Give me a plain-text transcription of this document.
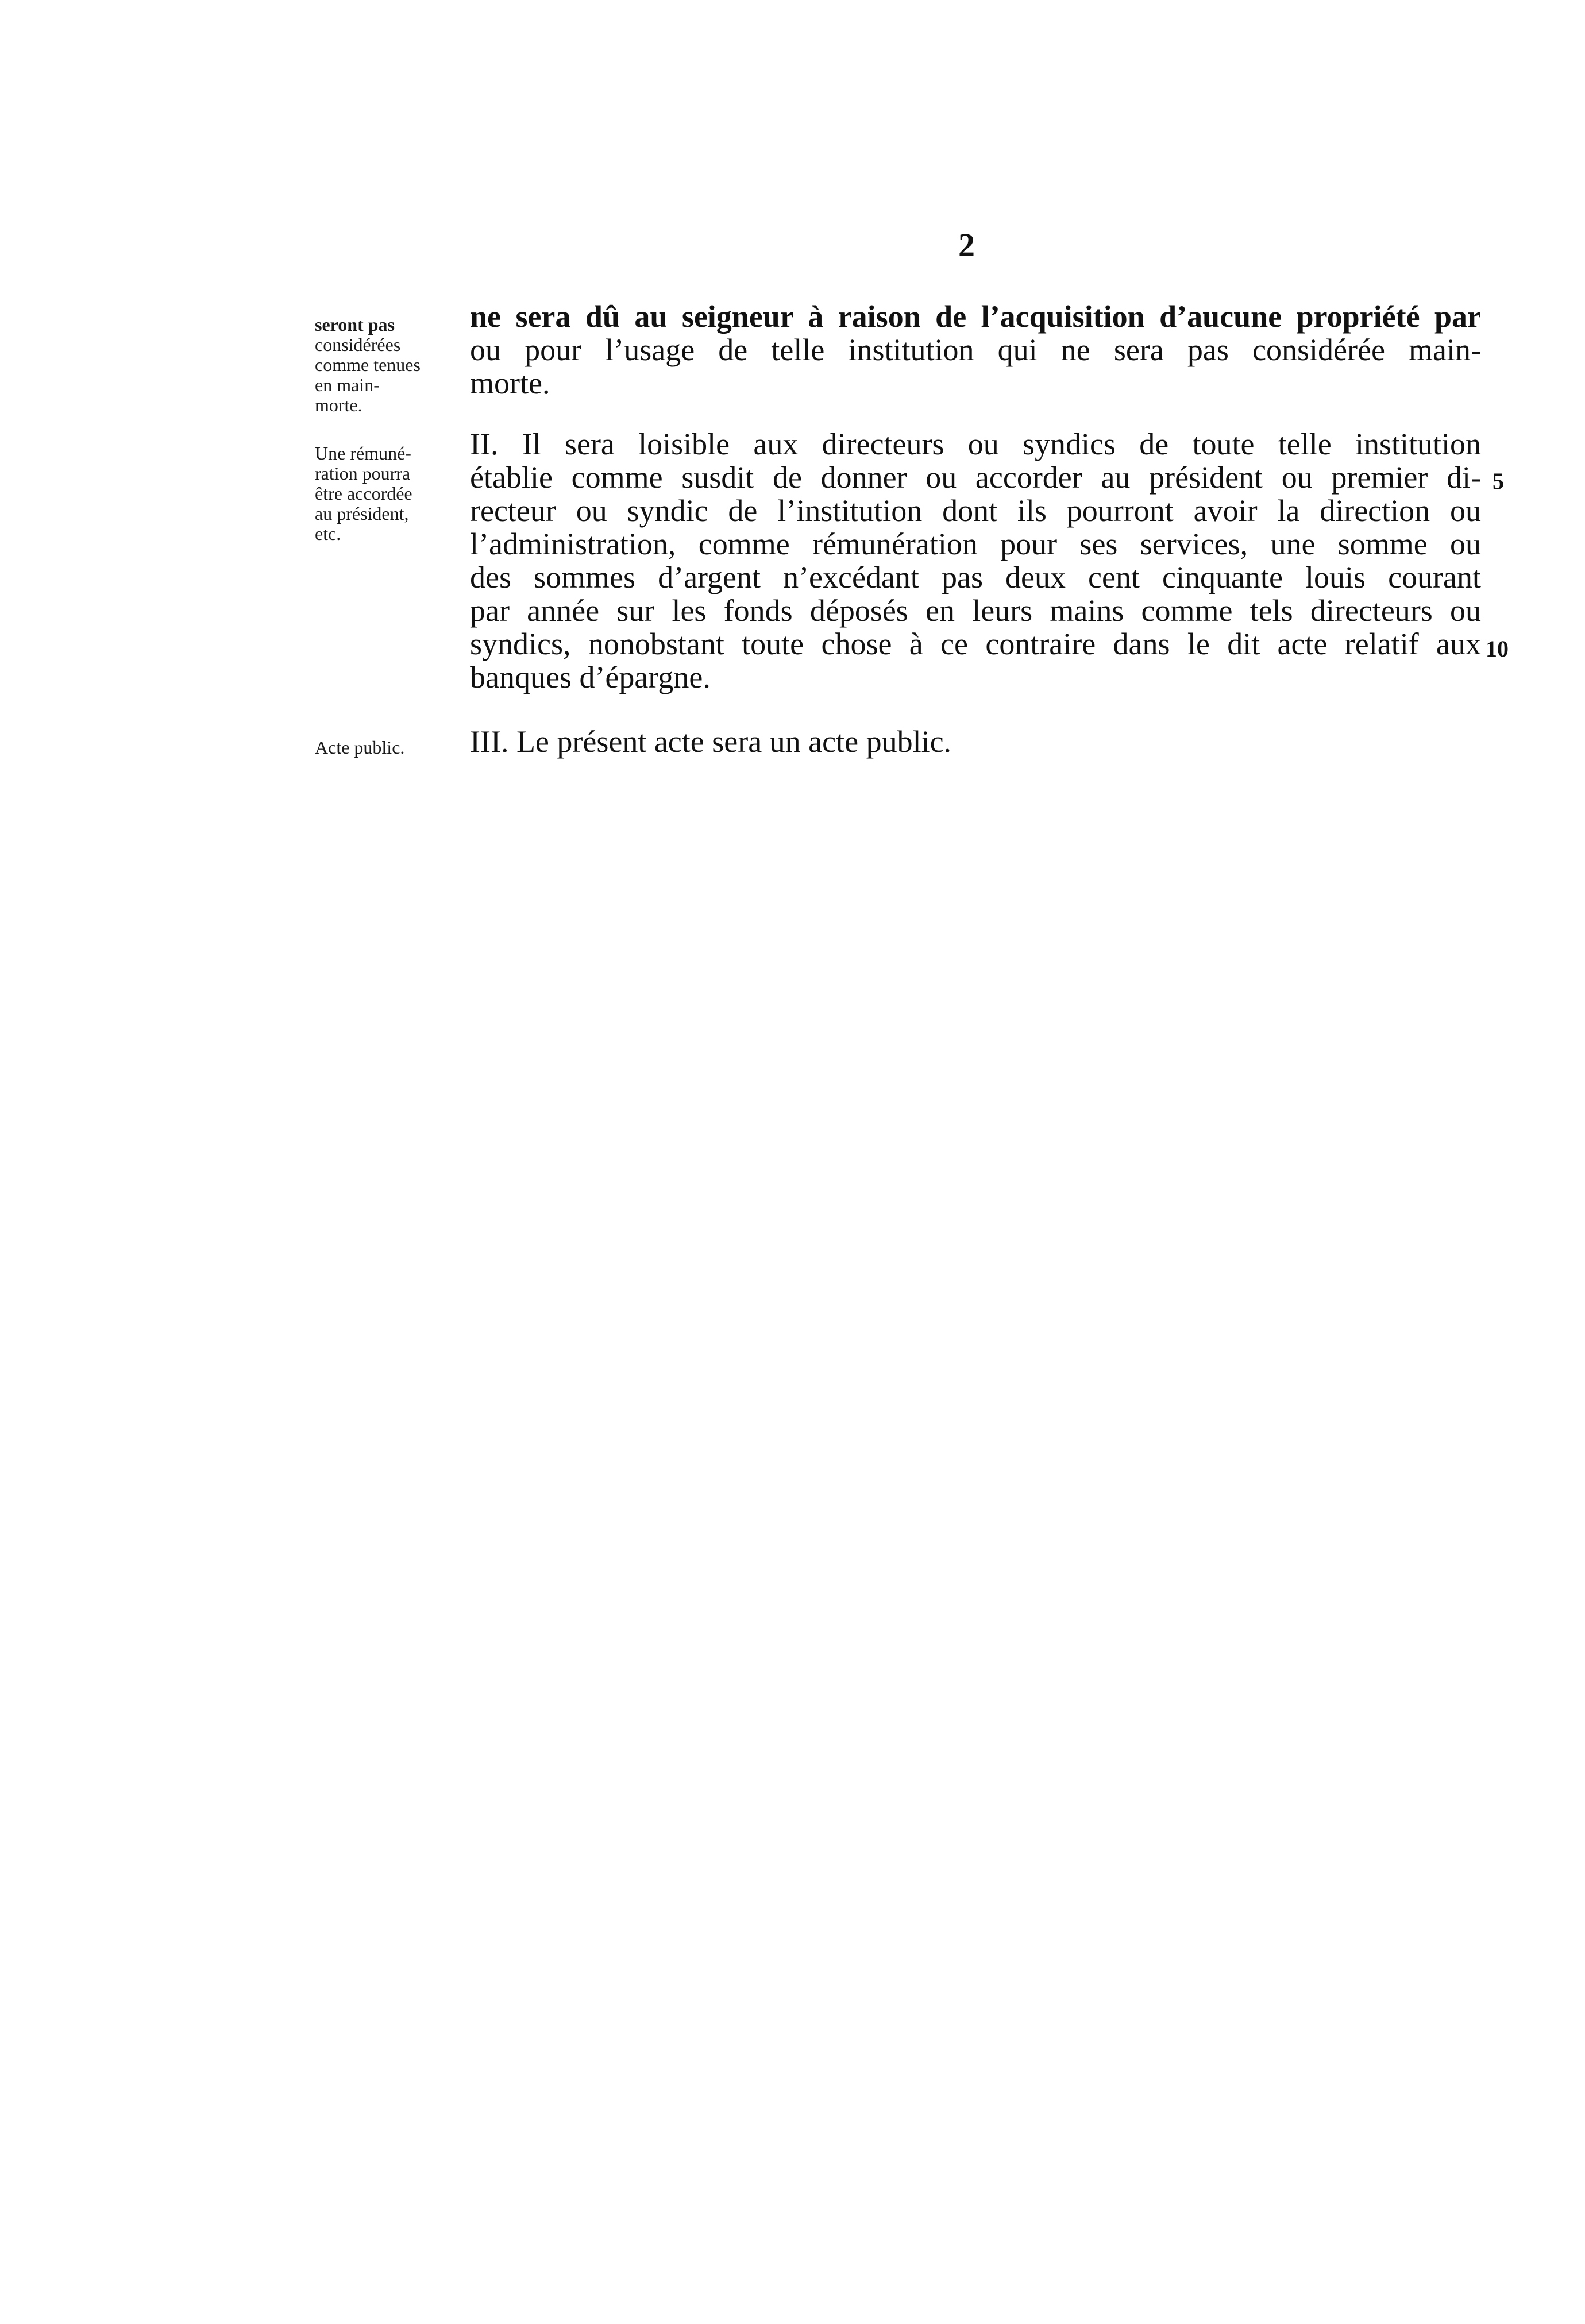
2
seront pas
considérées
comme tenues
en main-
morte.
Une rémuné-
ration pourra
être accordée
au président,
etc.
Acte public.
ne sera dû au seigneur à raison de l’acquisition d’aucune propriété par
ou pour l’usage de telle institution qui ne sera pas considérée main-
morte.
II. Il sera loisible aux directeurs ou syndics de toute telle institution
établie comme susdit de donner ou accorder au président ou premier di-
recteur ou syndic de l’institution dont ils pourront avoir la direction ou
l’administration, comme rémunération pour ses services, une somme ou
des sommes d’argent n’excédant pas deux cent cinquante louis courant
par année sur les fonds déposés en leurs mains comme tels directeurs ou
syndics, nonobstant toute chose à ce contraire dans le dit acte relatif aux
banques d’épargne.
III. Le présent acte sera un acte public.
5
10
